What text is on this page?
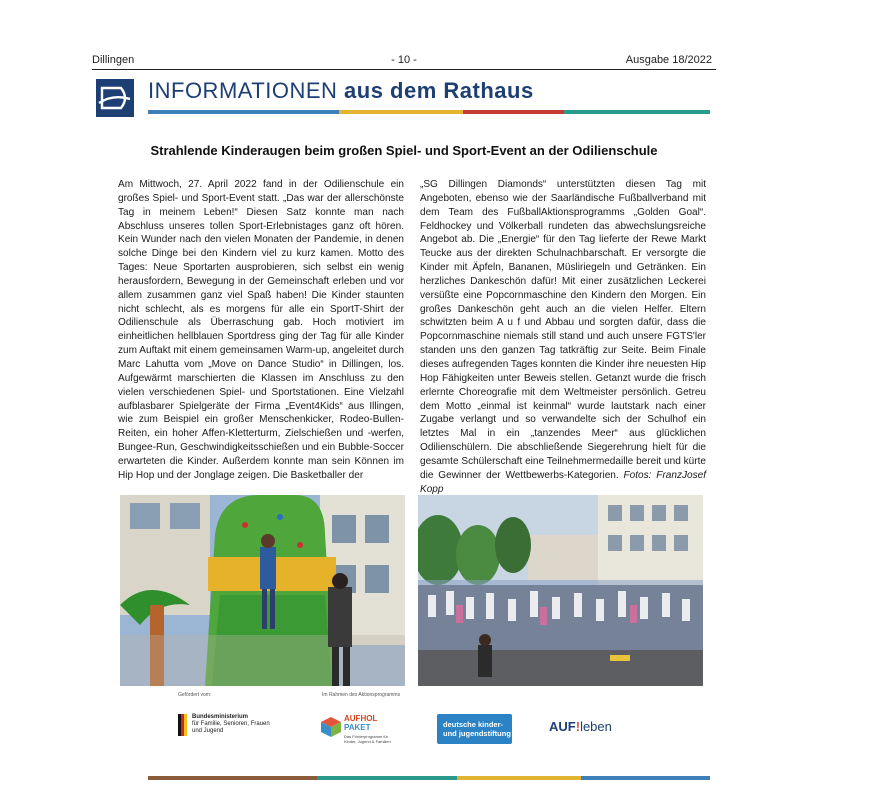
Dillingen	- 10 -	Ausgabe 18/2022
INFORMATIONEN aus dem Rathaus
Strahlende Kinderaugen beim großen Spiel- und Sport-Event an der Odilienschule
Am Mittwoch, 27. April 2022 fand in der Odilienschule ein großes Spiel- und Sport-Event statt. „Das war der allerschönste Tag in meinem Leben!“ Diesen Satz konnte man nach Abschluss unseres tollen Sport-Erlebnistages ganz oft hören. Kein Wunder nach den vielen Monaten der Pandemie, in denen solche Dinge bei den Kindern viel zu kurz kamen. Motto des Tages: Neue Sportarten ausprobieren, sich selbst ein wenig herausfordern, Bewegung in der Gemeinschaft erleben und vor allem zusammen ganz viel Spaß haben! Die Kinder staunten nicht schlecht, als es morgens für alle ein SportT-Shirt der Odilienschule als Überraschung gab. Hoch motiviert im einheitlichen hellblauen Sportdress ging der Tag für alle Kinder zum Auftakt mit einem gemeinsamen Warm-up, angeleitet durch Marc Lahutta vom „Move on Dance Studio“ in Dillingen, los. Aufgewärmt marschierten die Klassen im Anschluss zu den vielen verschiedenen Spiel- und Sportstationen. Eine Vielzahl aufblasbarer Spielgeräte der Firma „Event4Kids“ aus Illingen, wie zum Beispiel ein großer Menschenkicker, Rodeo-Bullen-Reiten, ein hoher Affen-Kletterturm, Zielschießen und -werfen, Bungee-Run, Geschwindigkeitsschießen und ein Bubble-Soccer erwarteten die Kinder. Außerdem konnte man sein Können im Hip Hop und der Jonglage zeigen. Die Basketballer der
„SG Dillingen Diamonds“ unterstützten diesen Tag mit Angeboten, ebenso wie der Saarländische Fußballverband mit dem Team des FußballAktionsprogramms „Golden Goal“. Feldhockey und Völkerball rundeten das abwechslungsreiche Angebot ab. Die „Energie“ für den Tag lieferte der Rewe Markt Teucke aus der direkten Schulnachbarschaft. Er versorgte die Kinder mit Äpfeln, Bananen, Müsliriegeln und Getränken. Ein herzliches Dankeschön dafür! Mit einer zusätzlichen Leckerei versüßte eine Popcornmaschine den Kindern den Morgen. Ein großes Dankeschön geht auch an die vielen Helfer. Eltern schwitzten beim A u f und Abbau und sorgten dafür, dass die Popcornmaschine niemals still stand und auch unsere FGTS'ler standen uns den ganzen Tag tatkräftig zur Seite. Beim Finale dieses aufregenden Tages konnten die Kinder ihre neuesten Hip Hop Fähigkeiten unter Beweis stellen. Getanzt wurde die frisch erlernte Choreografie mit dem Weltmeister persönlich. Getreu dem Motto „einmal ist keinmal“ wurde lautstark nach einer Zugabe verlangt und so verwandelte sich der Schulhof ein letztes Mal in ein „tanzendes Meer“ aus glücklichen Odilienschülern. Die abschließende Siegerehrung hielt für die gesamte Schülerschaft eine Teilnehmermedaille bereit und kürte die Gewinner der Wettbewerbs-Kategorien. Fotos: FranzJosef Kopp
Gefördert vom:	Im Rahmen des Aktionsprogramms
Bundesministerium
für Familie, Senioren, Frauen
und Jugend
AUFHOL
PAKET
Das Förderprogramm für
Kinder, Jugend & Familien
deutsche kinder-
und jugendstiftung	AUF!leben
